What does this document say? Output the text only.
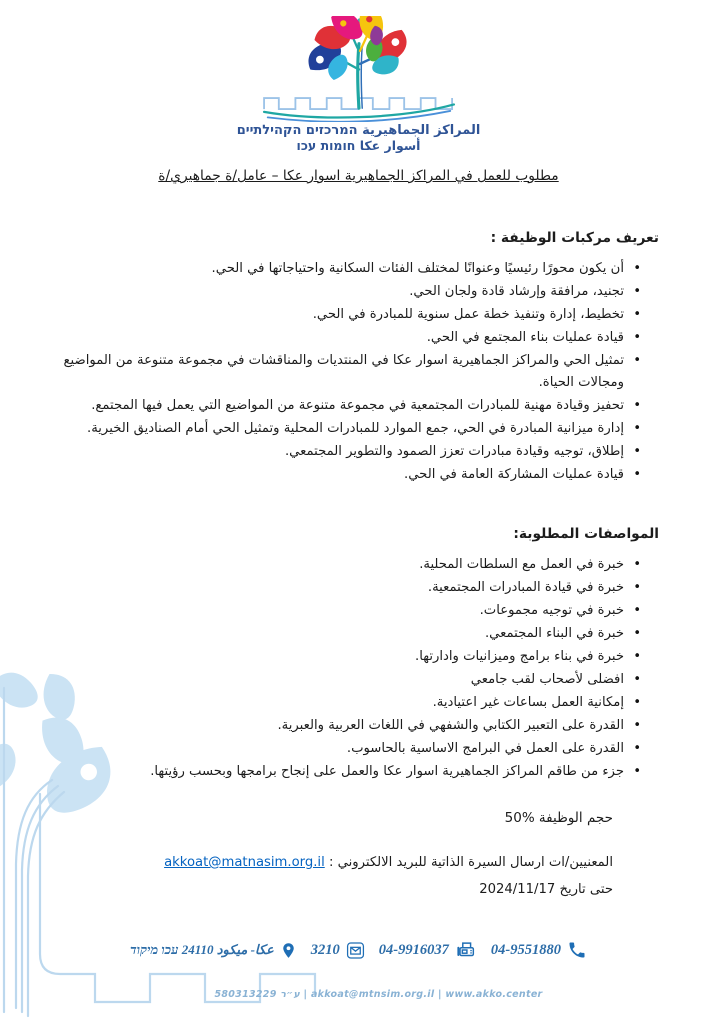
المراكز الجماهيرية המרכזים הקהילתיים
أسوار عكا חומות עכו
مطلوب للعمل في المراكز الجماهيرية اسوار عكا – عامل/ة جماهيري/ة
تعريف مركبات الوظيفة :
• أن يكون محورًا رئيسيًا وعنوانًا لمختلف الفئات السكانية واحتياجاتها في الحي.
• تجنيد، مرافقة وإرشاد قادة ولجان الحي.
• تخطيط، إدارة وتنفيذ خطة عمل سنوية للمبادرة في الحي.
• قيادة عمليات بناء المجتمع في الحي.
• تمثيل الحي والمراكز الجماهيرية اسوار عكا في المنتديات والمناقشات في مجموعة متنوعة من المواضيع ومجالات الحياة.
• تحفيز وقيادة مهنية للمبادرات المجتمعية في مجموعة متنوعة من المواضيع التي يعمل فيها المجتمع.
• إدارة ميزانية المبادرة في الحي، جمع الموارد للمبادرات المحلية وتمثيل الحي أمام الصناديق الخيرية.
• إطلاق، توجيه وقيادة مبادرات تعزز الصمود والتطوير المجتمعي.
• قيادة عمليات المشاركة العامة في الحي.
المواصفات المطلوبة:
• خبرة في العمل مع السلطات المحلية.
• خبرة في قيادة المبادرات المجتمعية.
• خبرة في توجيه مجموعات.
• خبرة في البناء المجتمعي.
• خبرة في بناء برامج وميزانيات وادارتها.
• افضلى لأصحاب لقب جامعي
• إمكانية العمل بساعات غير اعتيادية.
• القدرة على التعبير الكتابي والشفهي في اللغات العربية والعبرية.
• القدرة على العمل في البرامج الاساسية بالحاسوب.
• جزء من طاقم المراكز الجماهيرية اسوار عكا والعمل على إنجاح برامجها وبحسب رؤيتها.

حجم الوظيفة %50

المعنيين/ات ارسال السيرة الذاتية للبريد الالكتروني : akkoat@matnasim.org.il
حتى تاريخ 2024/11/17

04-9551880
04-9916037
3210
عكا- ميكود 24110 עכו מיקוד
580313229 ע״ר | akkoat@mtnsim.org.il | www.akko.center
